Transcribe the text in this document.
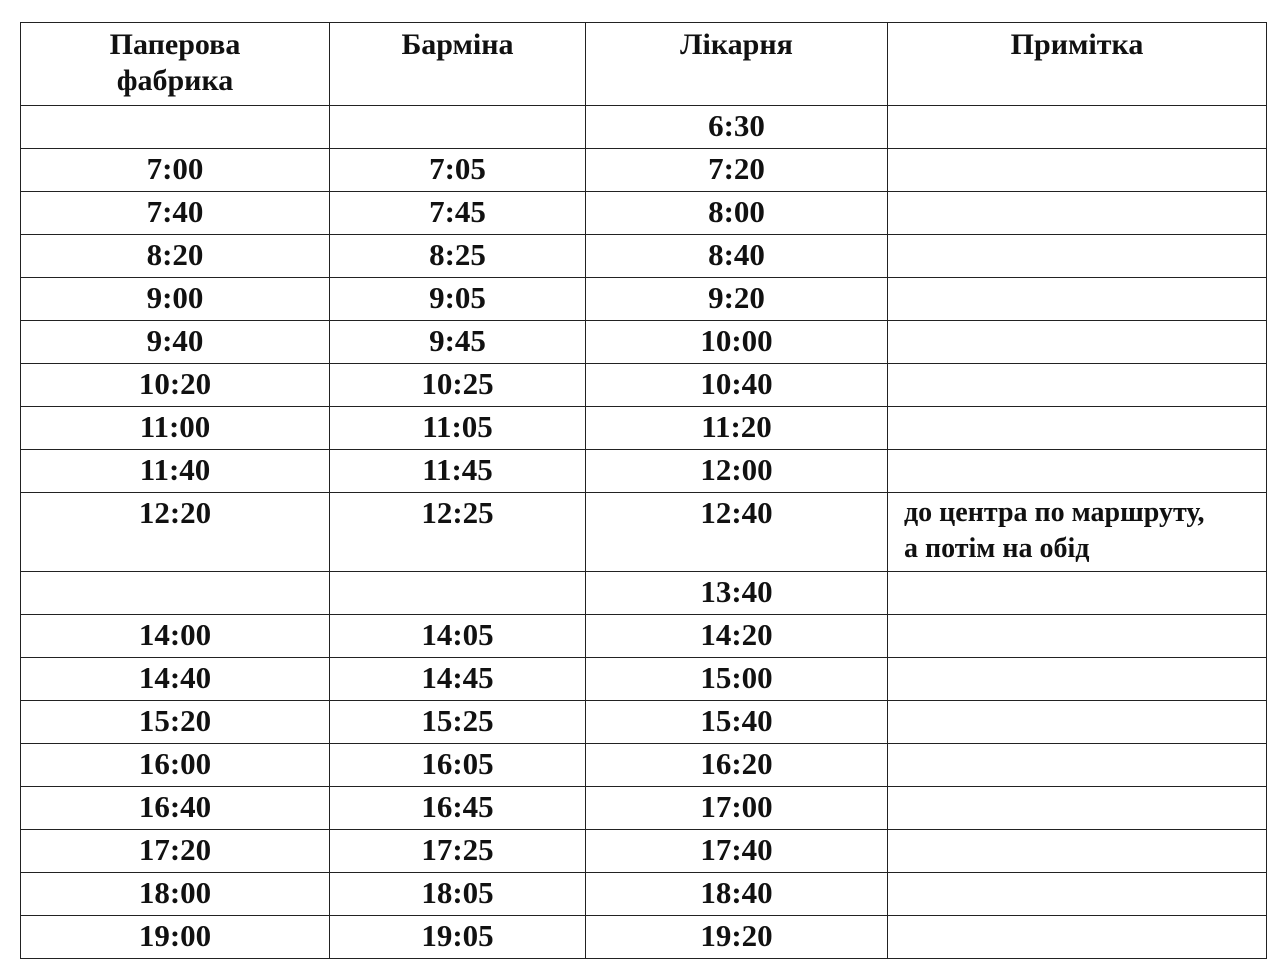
Паперова
фабрика	Барміна	Лікарня	Примітка
		6:30	
7:00	7:05	7:20	
7:40	7:45	8:00	
8:20	8:25	8:40	
9:00	9:05	9:20	
9:40	9:45	10:00	
10:20	10:25	10:40	
11:00	11:05	11:20	
11:40	11:45	12:00	
12:20	12:25	12:40	до центра по маршруту,
а потім на обід
		13:40	
14:00	14:05	14:20	
14:40	14:45	15:00	
15:20	15:25	15:40	
16:00	16:05	16:20	
16:40	16:45	17:00	
17:20	17:25	17:40	
18:00	18:05	18:40	
19:00	19:05	19:20	
